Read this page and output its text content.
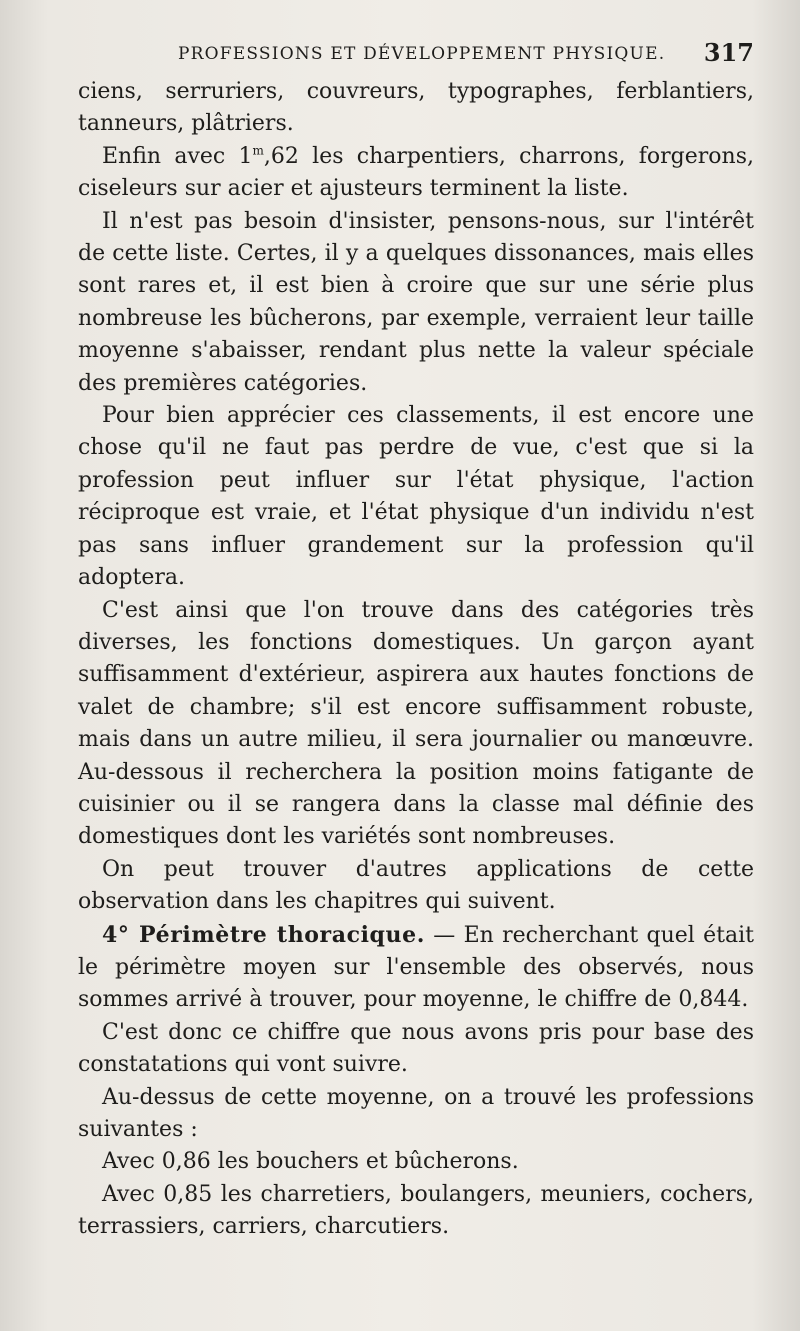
PROFESSIONS ET DÉVELOPPEMENT PHYSIQUE. 317

ciens, serruriers, couvreurs, typographes, ferblantiers, tanneurs, plâtriers.

Enfin avec 1$^m$,62 les charpentiers, charrons, forgerons, ciseleurs sur acier et ajusteurs terminent la liste.

Il n'est pas besoin d'insister, pensons-nous, sur l'intérêt de cette liste. Certes, il y a quelques dissonances, mais elles sont rares et, il est bien à croire que sur une série plus nombreuse les bûcherons, par exemple, verraient leur taille moyenne s'abaisser, rendant plus nette la valeur spéciale des premières catégories.

Pour bien apprécier ces classements, il est encore une chose qu'il ne faut pas perdre de vue, c'est que si la profession peut influer sur l'état physique, l'action réciproque est vraie, et l'état physique d'un individu n'est pas sans influer grandement sur la profession qu'il adoptera.

C'est ainsi que l'on trouve dans des catégories très diverses, les fonctions domestiques. Un garçon ayant suffisamment d'extérieur, aspirera aux hautes fonctions de valet de chambre; s'il est encore suffisamment robuste, mais dans un autre milieu, il sera journalier ou manœuvre. Au-dessous il recherchera la position moins fatigante de cuisinier ou il se rangera dans la classe mal définie des domestiques dont les variétés sont nombreuses.

On peut trouver d'autres applications de cette observation dans les chapitres qui suivent.

4° Périmètre thoracique. — En recherchant quel était le périmètre moyen sur l'ensemble des observés, nous sommes arrivé à trouver, pour moyenne, le chiffre de 0,844.

C'est donc ce chiffre que nous avons pris pour base des constatations qui vont suivre.

Au-dessus de cette moyenne, on a trouvé les professions suivantes :

Avec 0,86 les bouchers et bûcherons.

Avec 0,85 les charretiers, boulangers, meuniers, cochers, terrassiers, carriers, charcutiers.
